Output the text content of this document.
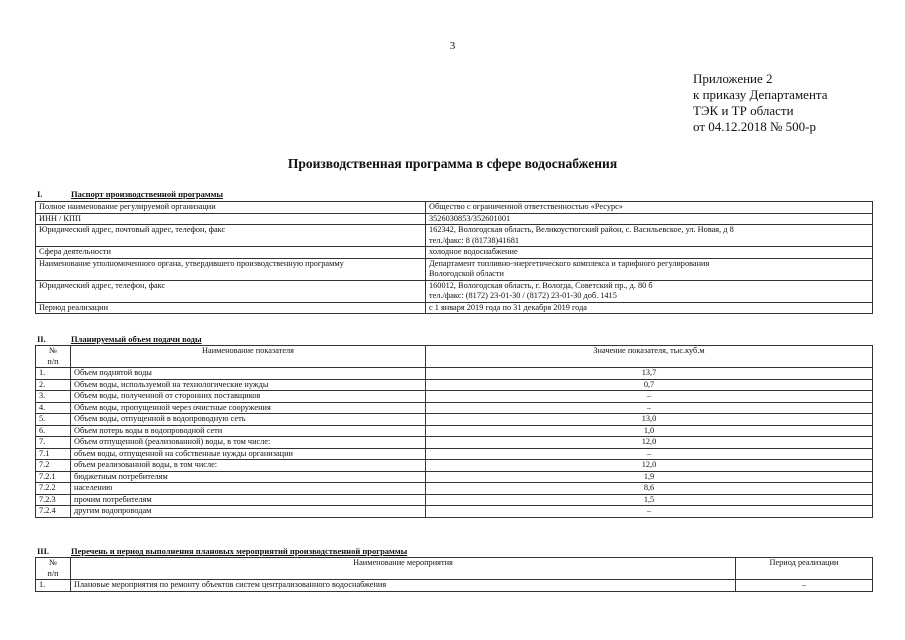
3
Приложение 2
к приказу Департамента
ТЭК и ТР области
от 04.12.2018 № 500-р
Производственная программа в сфере водоснабжения
I.	Паспорт производственной программы
Полное наименование регулируемой организации	Общество с ограниченной ответственностью «Ресурс»

ИНН / КПП	3526030853/352601001

Юридический адрес, почтовый адрес, телефон, факс	162342, Вологодская область, Великоустюгский район, с. Васильевское, ул. Новая, д 8
тел./факс: 8 (81738)41681

Сфера деятельности	холодное водоснабжение

Наименование уполномоченного органа, утвердившего производственную программу	Департамент топливно-энергетического комплекса и тарифного регулирования
Вологодской области

Юридический адрес, телефон, факс	160012, Вологодская область, г. Вологда, Советский пр., д. 80 б
тел./факс: (8172) 23-01-30 / (8172) 23-01-30 доб. 1415

Период реализации	с 1 января 2019 года по 31 декабря 2019 года
II.	Планируемый объем подачи воды
№
п/п	Наименование показателя	Значение показателя, тыс.куб.м
1.	Объем поднятой воды	13,7
2.	Объем воды, используемой на технологические нужды	0,7
3.	Объем воды, полученной от сторонних поставщиков	–
4.	Объем воды, пропущенной через очистные сооружения	–
5.	Объем воды, отпущенной в водопроводную сеть	13,0
6.	Объем потерь воды в водопроводной сети	1,0
7.	Объем отпущенной (реализованной) воды, в том числе:	12,0
7.1	объем воды, отпущенной на собственные нужды организации	–
7.2	объем реализованной воды, в том числе:	12,0
7.2.1	бюджетным потребителям	1,9
7.2.2	населению	8,6
7.2.3	прочим потребителям	1,5
7.2.4	другим водопроводам	–
III.	Перечень и период выполнения плановых мероприятий производственной программы
№
п/п	Наименование мероприятия	Период реализации
1.	Плановые мероприятия по ремонту объектов систем централизованного водоснабжения	–
